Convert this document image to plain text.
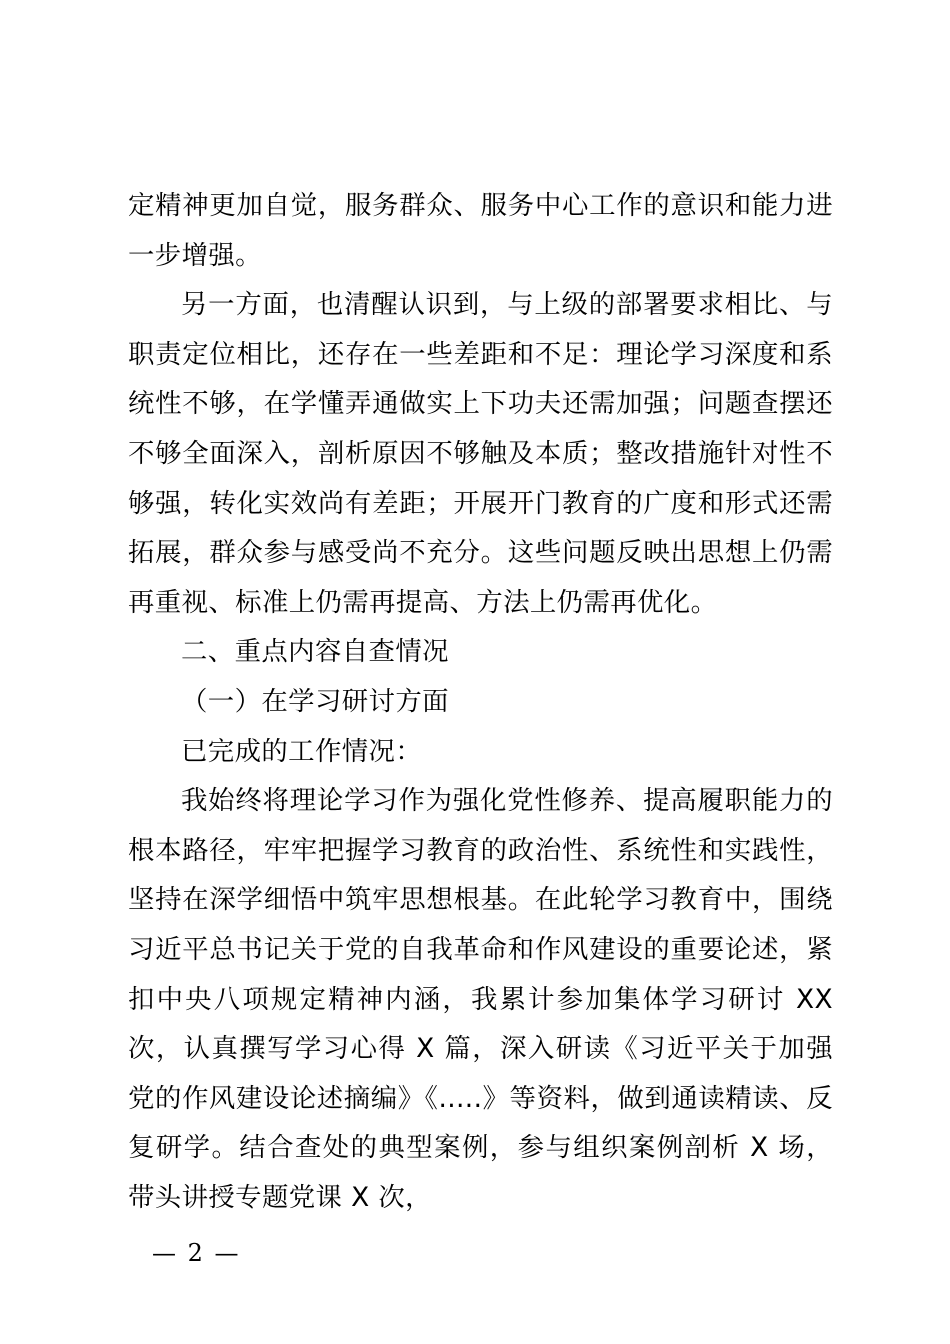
定精神更加自觉，服务群众、服务中心工作的意识和能力进一步增强。

另一方面，也清醒认识到，与上级的部署要求相比、与职责定位相比，还存在一些差距和不足：理论学习深度和系统性不够，在学懂弄通做实上下功夫还需加强；问题查摆还不够全面深入，剖析原因不够触及本质；整改措施针对性不够强，转化实效尚有差距；开展开门教育的广度和形式还需拓展，群众参与感受尚不充分。这些问题反映出思想上仍需再重视、标准上仍需再提高、方法上仍需再优化。

二、重点内容自查情况

（一）在学习研讨方面

已完成的工作情况：

我始终将理论学习作为强化党性修养、提高履职能力的根本路径，牢牢把握学习教育的政治性、系统性和实践性，坚持在深学细悟中筑牢思想根基。在此轮学习教育中，围绕习近平总书记关于党的自我革命和作风建设的重要论述，紧扣中央八项规定精神内涵，我累计参加集体学习研讨 XX 次，认真撰写学习心得 X 篇，深入研读《习近平关于加强党的作风建设论述摘编》《.....》等资料，做到通读精读、反复研学。结合查处的典型案例，参与组织案例剖析 X 场，带头讲授专题党课 X 次，

— 2 —
